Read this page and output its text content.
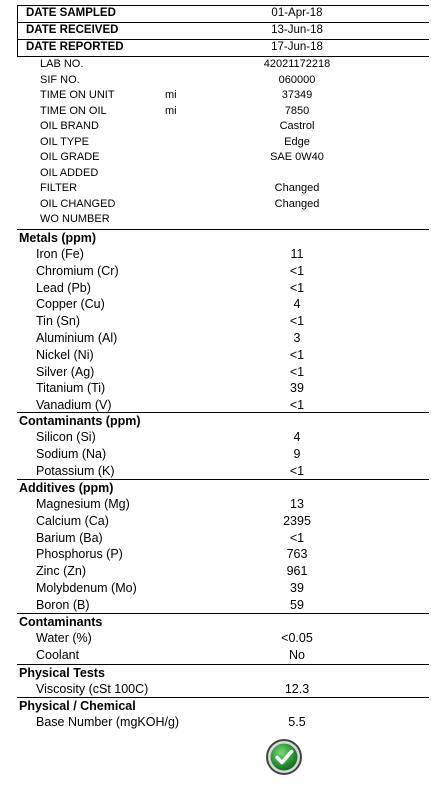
DATE SAMPLED	01-Apr-18
DATE RECEIVED	13-Jun-18
DATE REPORTED	17-Jun-18
LAB NO.	42021172218
SIF NO.	060000
TIME ON UNIT	mi	37349
TIME ON OIL	mi	7850
OIL BRAND	Castrol
OIL TYPE	Edge
OIL GRADE	SAE 0W40
OIL ADDED
FILTER	Changed
OIL CHANGED	Changed
WO NUMBER
Metals (ppm)
Iron (Fe)	11
Chromium (Cr)	<1
Lead (Pb)	<1
Copper (Cu)	4
Tin (Sn)	<1
Aluminium (Al)	3
Nickel (Ni)	<1
Silver (Ag)	<1
Titanium (Ti)	39
Vanadium (V)	<1
Contaminants (ppm)
Silicon (Si)	4
Sodium (Na)	9
Potassium (K)	<1
Additives (ppm)
Magnesium (Mg)	13
Calcium (Ca)	2395
Barium (Ba)	<1
Phosphorus (P)	763
Zinc (Zn)	961
Molybdenum (Mo)	39
Boron (B)	59
Contaminants
Water (%)	<0.05
Coolant	No
Physical Tests
Viscosity (cSt 100C)	12.3
Physical / Chemical
Base Number (mgKOH/g)	5.5
